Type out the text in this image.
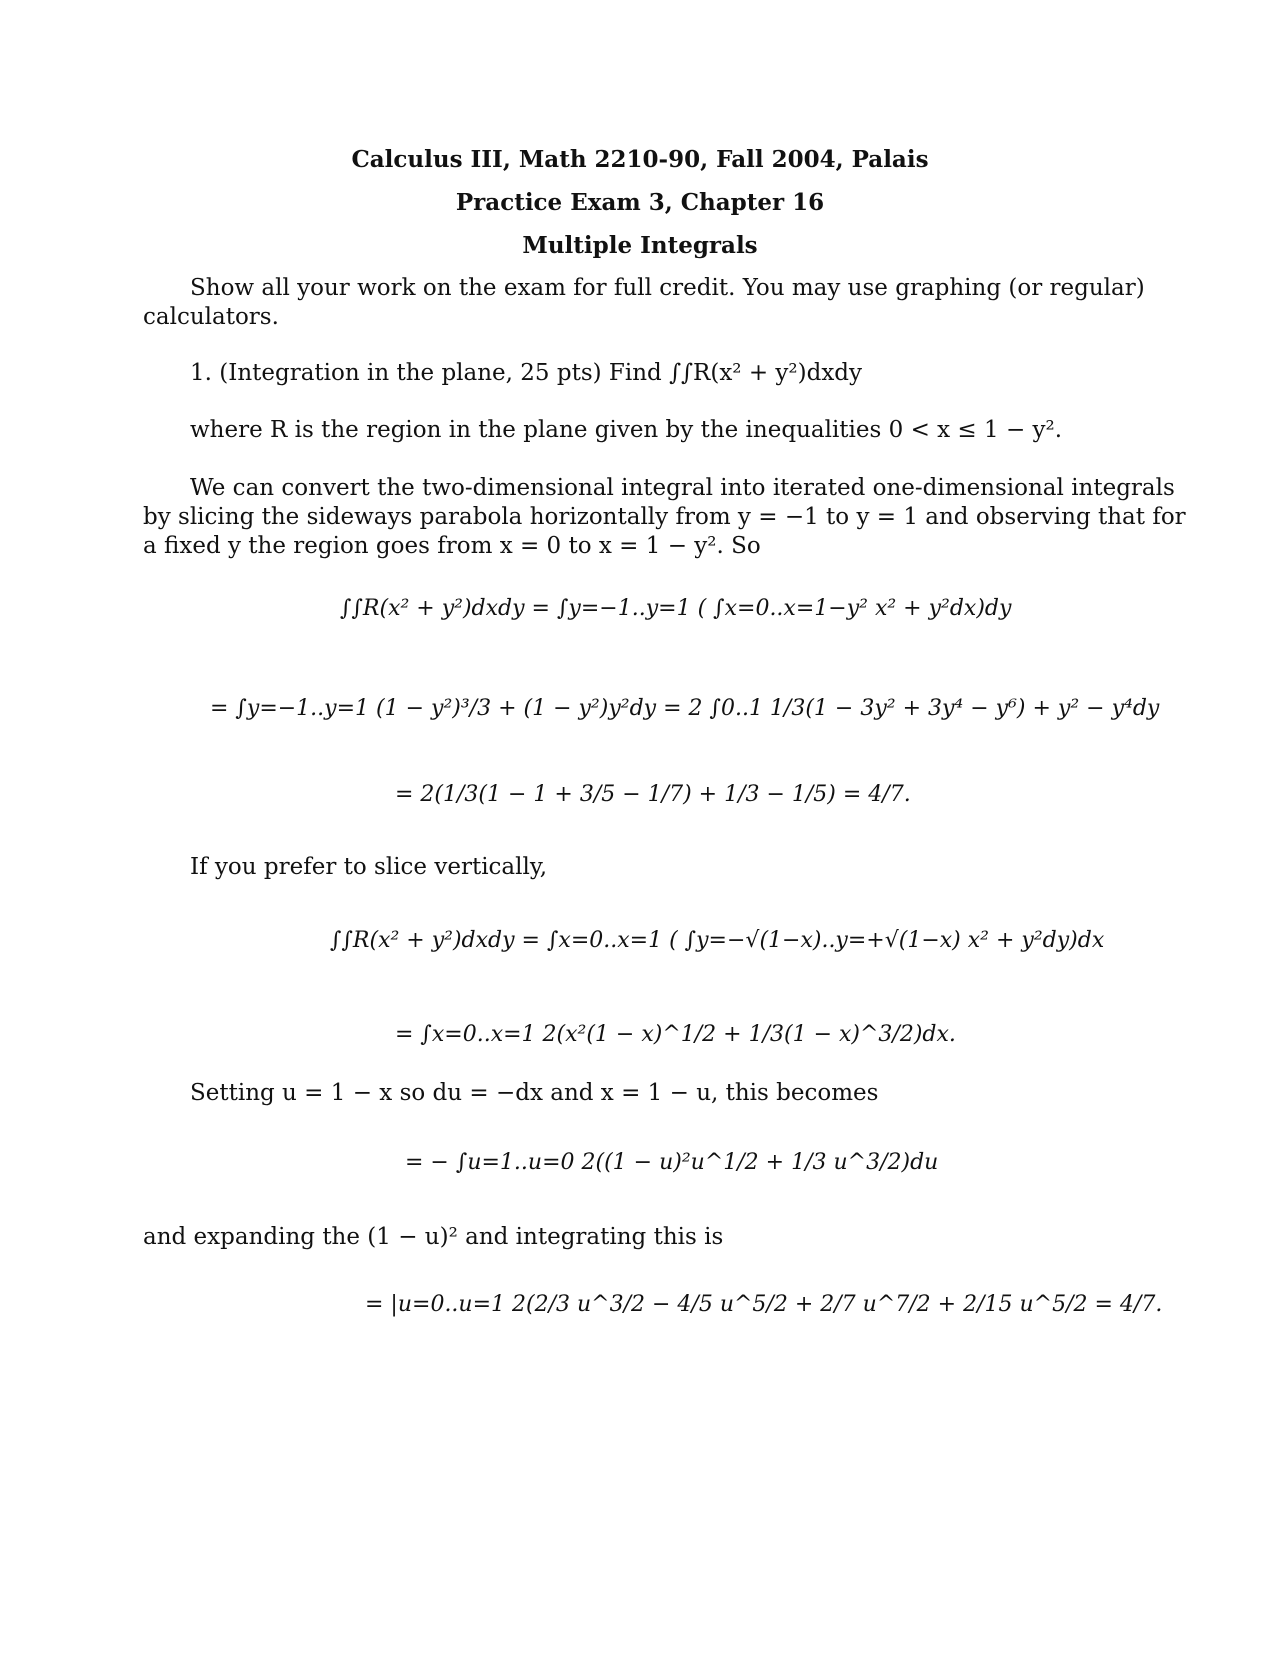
Calculus III, Math 2210-90, Fall 2004, Palais
Practice Exam 3, Chapter 16
Multiple Integrals
Show all your work on the exam for full credit. You may use graphing (or regular)
calculators.
1. (Integration in the plane, 25 pts) Find ∫∫R(x² + y²)dxdy
where R is the region in the plane given by the inequalities 0 < x ≤ 1 − y².
We can convert the two-dimensional integral into iterated one-dimensional integrals
by slicing the sideways parabola horizontally from y = −1 to y = 1 and observing that for
a fixed y the region goes from x = 0 to x = 1 − y². So
∫∫R(x² + y²)dxdy = ∫y=−1..y=1 ( ∫x=0..x=1−y² x² + y²dx)dy
= ∫y=−1..y=1 (1 − y²)³/3 + (1 − y²)y²dy = 2 ∫0..1 1/3(1 − 3y² + 3y⁴ − y⁶) + y² − y⁴dy
= 2(1/3(1 − 1 + 3/5 − 1/7) + 1/3 − 1/5) = 4/7.
If you prefer to slice vertically,
∫∫R(x² + y²)dxdy = ∫x=0..x=1 ( ∫y=−√(1−x)..y=+√(1−x) x² + y²dy)dx
= ∫x=0..x=1 2(x²(1 − x)^1/2 + 1/3(1 − x)^3/2)dx.
Setting u = 1 − x so du = −dx and x = 1 − u, this becomes
= − ∫u=1..u=0 2((1 − u)²u^1/2 + 1/3 u^3/2)du
and expanding the (1 − u)² and integrating this is
= |u=0..u=1 2(2/3 u^3/2 − 4/5 u^5/2 + 2/7 u^7/2 + 2/15 u^5/2 = 4/7.
